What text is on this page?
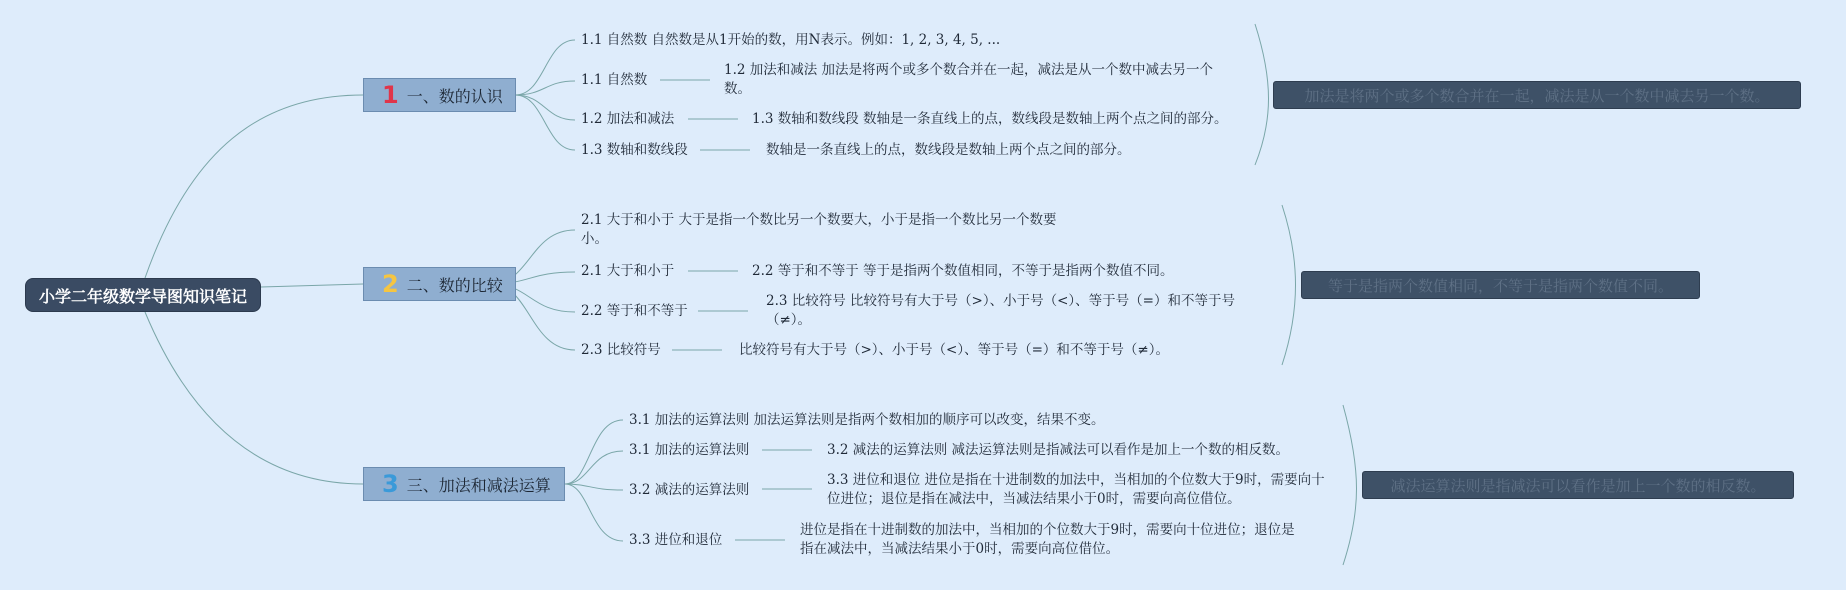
小学二年级数学导图知识笔记
1 一、数的认识
1.1 自然数 自然数是从1开始的数，用N表示。例如：1, 2, 3, 4, 5, ...
1.1 自然数
1.2 加法和减法 加法是将两个或多个数合并在一起，减法是从一个数中减去另一个数。
1.2 加法和减法	1.3 数轴和数线段 数轴是一条直线上的点，数线段是数轴上两个点之间的部分。
1.3 数轴和数线段	数轴是一条直线上的点，数线段是数轴上两个点之间的部分。
加法是将两个或多个数合并在一起，减法是从一个数中减去另一个数。
2 二、数的比较
2.1 大于和小于 大于是指一个数比另一个数要大，小于是指一个数比另一个数要小。
2.1 大于和小于	2.2 等于和不等于 等于是指两个数值相同，不等于是指两个数值不同。
2.2 等于和不等于
2.3 比较符号 比较符号有大于号（>）、小于号（<）、等于号（=）和不等于号（≠）。
2.3 比较符号	比较符号有大于号（>）、小于号（<）、等于号（=）和不等于号（≠）。
等于是指两个数值相同，不等于是指两个数值不同。
3 三、加法和减法运算
3.1 加法的运算法则 加法运算法则是指两个数相加的顺序可以改变，结果不变。
3.1 加法的运算法则	3.2 减法的运算法则 减法运算法则是指减法可以看作是加上一个数的相反数。
3.2 减法的运算法则
3.3 进位和退位 进位是指在十进制数的加法中，当相加的个位数大于9时，需要向十位进位；退位是指在减法中，当减法结果小于0时，需要向高位借位。
3.3 进位和退位
进位是指在十进制数的加法中，当相加的个位数大于9时，需要向十位进位；退位是指在减法中，当减法结果小于0时，需要向高位借位。
减法运算法则是指减法可以看作是加上一个数的相反数。
